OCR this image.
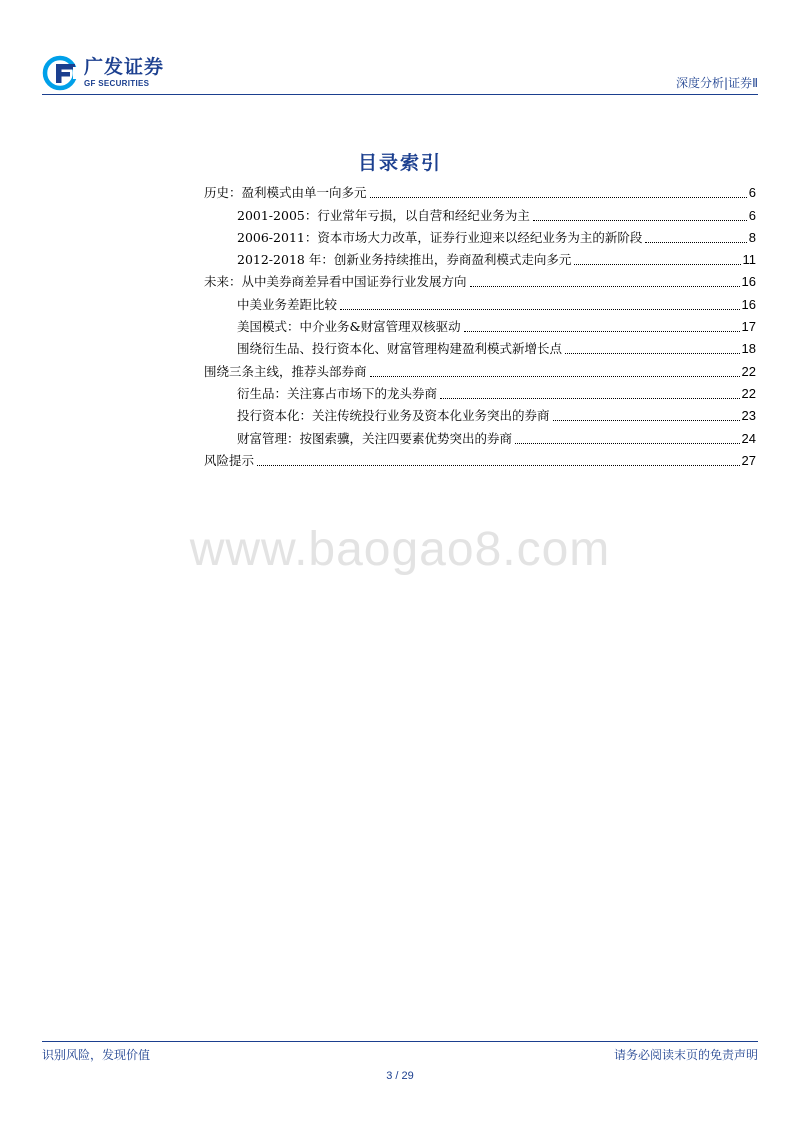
广发证券
GF SECURITIES	深度分析|证券Ⅱ
目录索引
历史：盈利模式由单一向多元	6
2001-2005：行业常年亏损，以自营和经纪业务为主	6
2006-2011：资本市场大力改革，证券行业迎来以经纪业务为主的新阶段	8
2012-2018 年：创新业务持续推出，券商盈利模式走向多元	11
未来：从中美券商差异看中国证券行业发展方向	16
中美业务差距比较	16
美国模式：中介业务&财富管理双核驱动	17
围绕衍生品、投行资本化、财富管理构建盈利模式新增长点	18
围绕三条主线，推荐头部券商	22
衍生品：关注寡占市场下的龙头券商	22
投行资本化：关注传统投行业务及资本化业务突出的券商	23
财富管理：按图索骥，关注四要素优势突出的券商	24
风险提示	27
www.baogao8.com
识别风险，发现价值	请务必阅读末页的免责声明
3 / 29
